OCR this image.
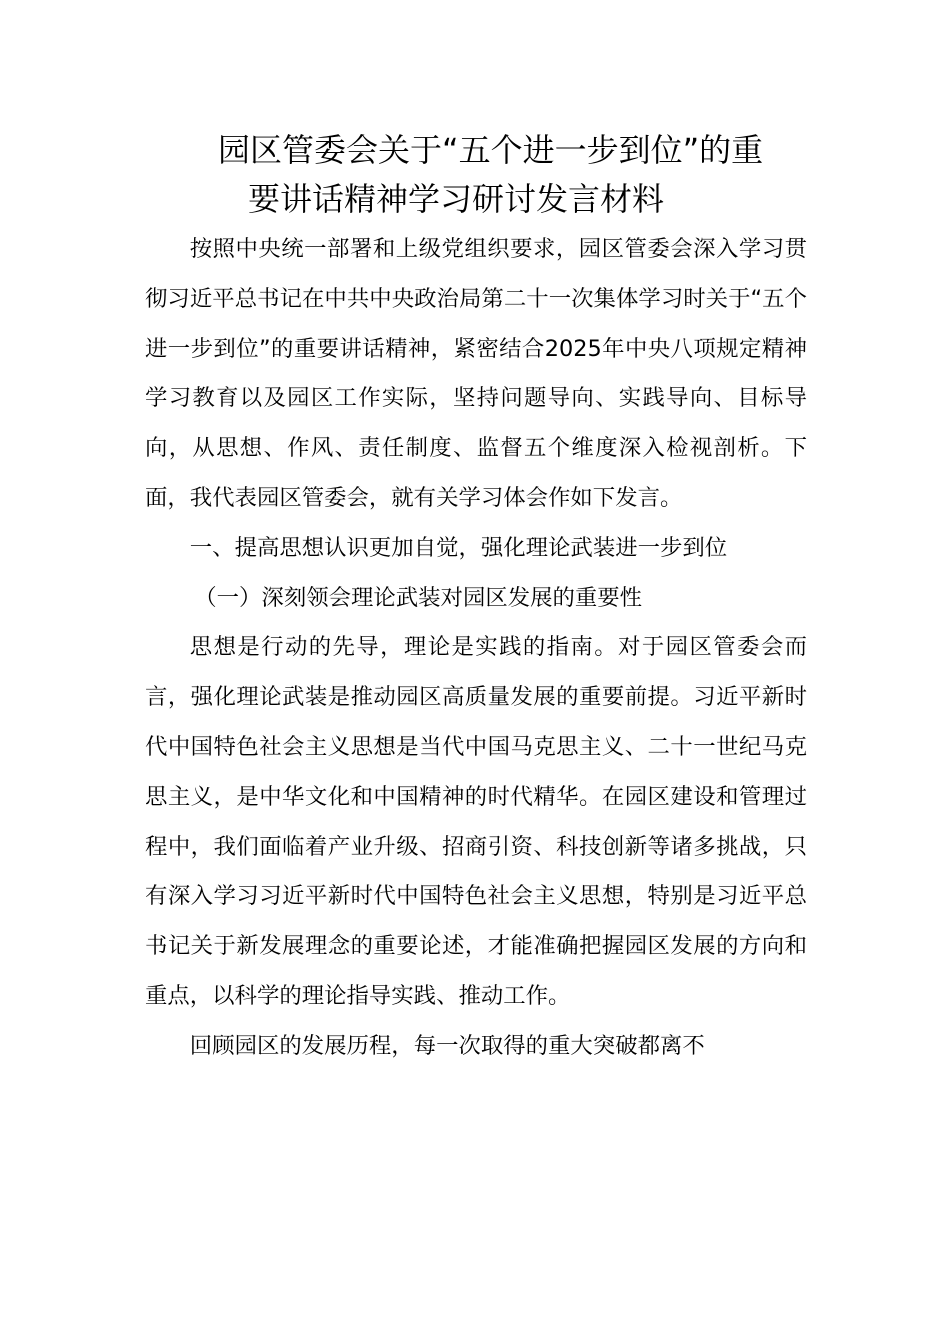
园区管委会关于“五个进一步到位”的重
要讲话精神学习研讨发言材料

按照中央统一部署和上级党组织要求，园区管委会深入学习贯彻习近平总书记在中共中央政治局第二十一次集体学习时关于“五个进一步到位”的重要讲话精神，紧密结合2025年中央八项规定精神学习教育以及园区工作实际，坚持问题导向、实践导向、目标导向，从思想、作风、责任制度、监督五个维度深入检视剖析。下面，我代表园区管委会，就有关学习体会作如下发言。

一、提高思想认识更加自觉，强化理论武装进一步到位

（一）深刻领会理论武装对园区发展的重要性

思想是行动的先导，理论是实践的指南。对于园区管委会而言，强化理论武装是推动园区高质量发展的重要前提。习近平新时代中国特色社会主义思想是当代中国马克思主义、二十一世纪马克思主义，是中华文化和中国精神的时代精华。在园区建设和管理过程中，我们面临着产业升级、招商引资、科技创新等诸多挑战，只有深入学习习近平新时代中国特色社会主义思想，特别是习近平总书记关于新发展理念的重要论述，才能准确把握园区发展的方向和重点，以科学的理论指导实践、推动工作。

回顾园区的发展历程，每一次取得的重大突破都离不
